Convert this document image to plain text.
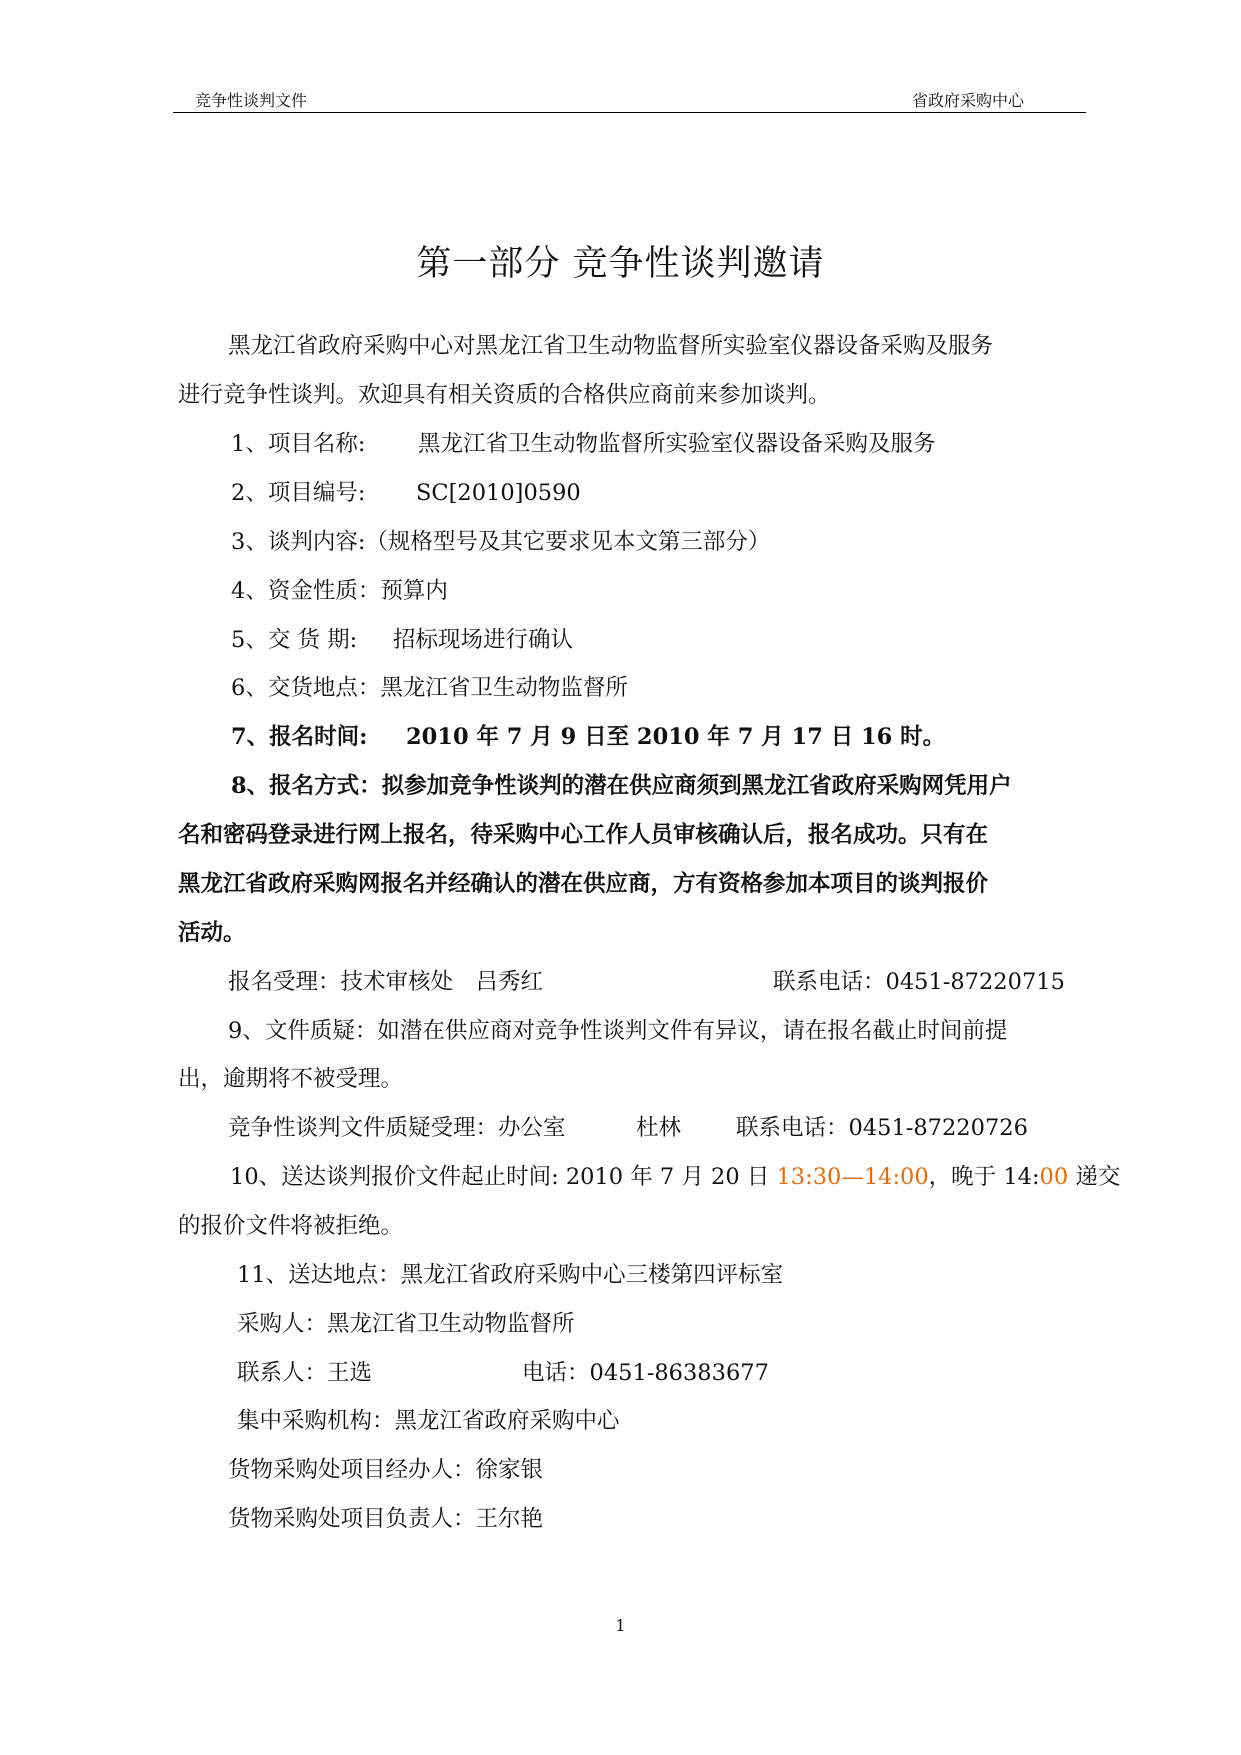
竞争性谈判文件	省政府采购中心
第一部分 竞争性谈判邀请
黑龙江省政府采购中心对黑龙江省卫生动物监督所实验室仪器设备采购及服务
进行竞争性谈判。欢迎具有相关资质的合格供应商前来参加谈判。
1、项目名称: 黑龙江省卫生动物监督所实验室仪器设备采购及服务
2、项目编号: SC[2010]0590
3、谈判内容:（规格型号及其它要求见本文第三部分）
4、资金性质：预算内
5、交 货 期: 招标现场进行确认
6、交货地点：黑龙江省卫生动物监督所
7、报名时间: 2010 年 7 月 9 日至 2010 年 7 月 17 日 16 时。
8、报名方式：拟参加竞争性谈判的潜在供应商须到黑龙江省政府采购网凭用户
名和密码登录进行网上报名，待采购中心工作人员审核确认后，报名成功。只有在
黑龙江省政府采购网报名并经确认的潜在供应商，方有资格参加本项目的谈判报价
活动。
报名受理：技术审核处　吕秀红	联系电话：0451-87220715
9、文件质疑：如潜在供应商对竞争性谈判文件有异议，请在报名截止时间前提
出，逾期将不被受理。
竞争性谈判文件质疑受理：办公室	杜林 联系电话：0451-87220726
10、送达谈判报价文件起止时间: 2010 年 7 月 20 日 13:30—14:00，晚于 14:00 递交
的报价文件将被拒绝。
11、送达地点：黑龙江省政府采购中心三楼第四评标室
采购人：黑龙江省卫生动物监督所
联系人：王选	电话：0451-86383677
集中采购机构：黑龙江省政府采购中心
货物采购处项目经办人：徐家银
货物采购处项目负责人：王尔艳
1
